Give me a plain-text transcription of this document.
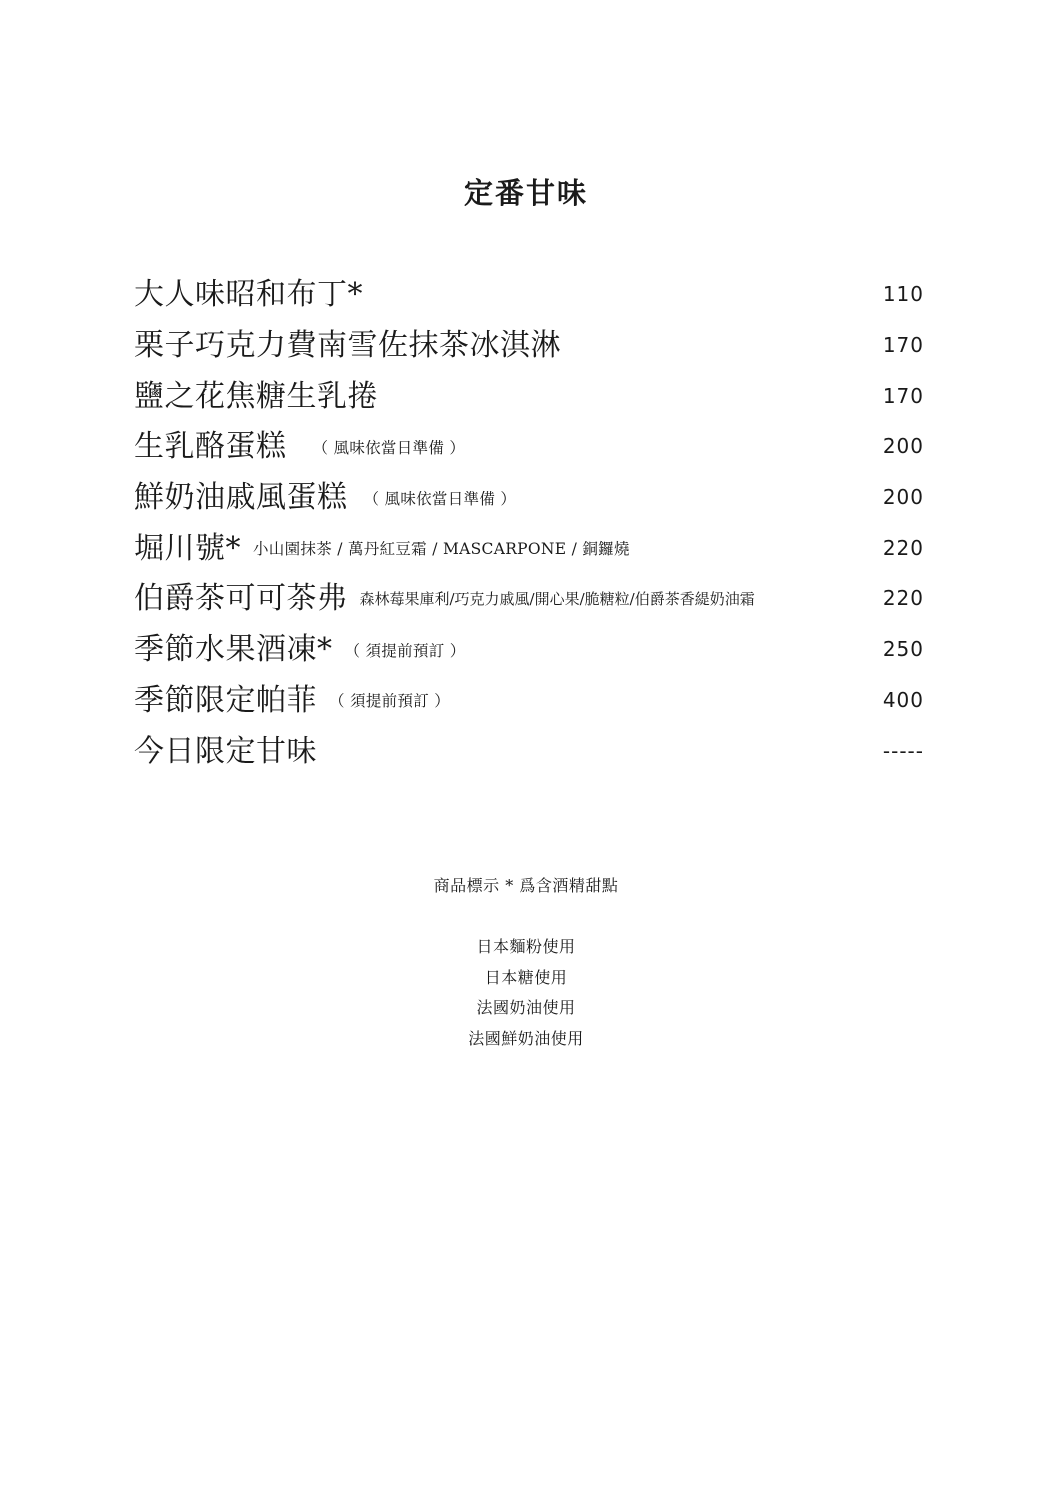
定番甘味
大人味昭和布丁*	110
栗子巧克力費南雪佐抹茶冰淇淋	170
鹽之花焦糖生乳捲	170
生乳酪蛋糕 （ 風味依當日準備 ）	200
鮮奶油戚風蛋糕 （ 風味依當日準備 ）	200
堀川號* 小山園抹茶 / 萬丹紅豆霜 / MASCARPONE / 銅鑼燒	220
伯爵茶可可茶弗 森林莓果庫利/巧克力戚風/開心果/脆糖粒/伯爵茶香緹奶油霜	220
季節水果酒凍* （ 須提前預訂 ）	250
季節限定帕菲 （ 須提前預訂 ）	400
今日限定甘味	-----
商品標示 * 爲含酒精甜點
日本麵粉使用
日本糖使用
法國奶油使用
法國鮮奶油使用
